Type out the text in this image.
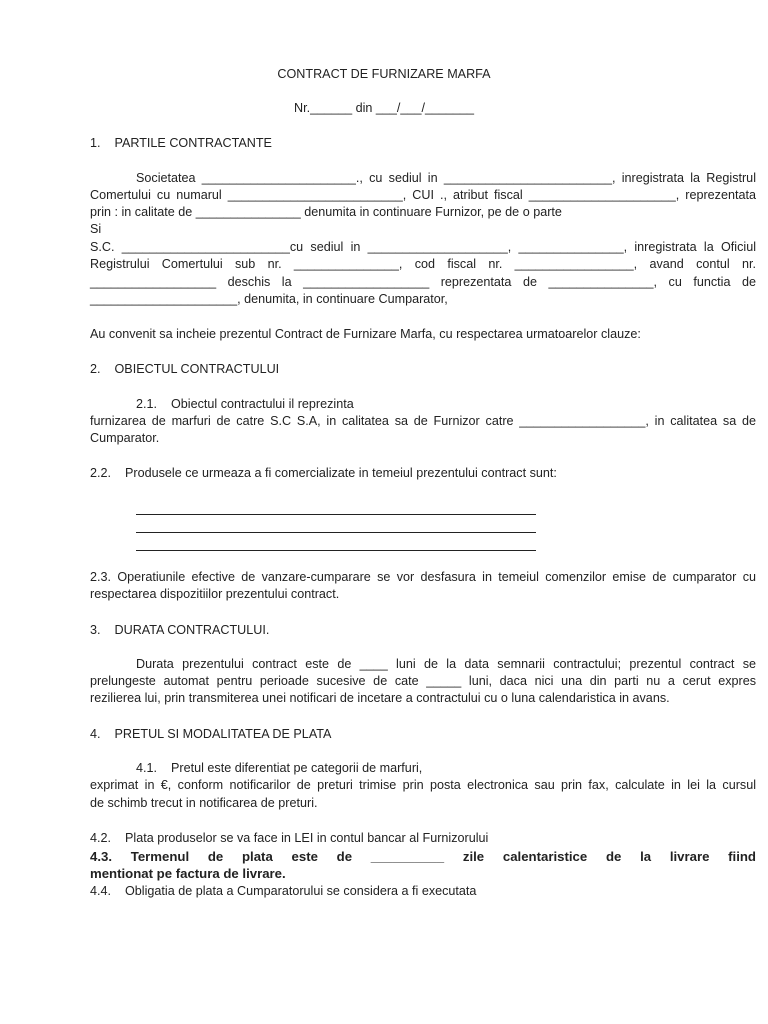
CONTRACT DE FURNIZARE MARFA
Nr.______ din ___/___/_______
1.    PARTILE CONTRACTANTE
Societatea ______________________., cu sediul in ________________________, inregistrata la Registrul
Comertului cu numarul _________________________, CUI ., atribut fiscal _____________________, reprezentata
prin : in calitate de _______________ denumita in continuare Furnizor, pe de o parte
Si
S.C. ________________________cu sediul in ____________________, _______________, inregistrata la Oficiul
Registrului Comertului sub nr. _______________, cod fiscal nr. _________________, avand contul nr.
__________________ deschis la __________________ reprezentata de _______________, cu functia de
_____________________, denumita, in continuare Cumparator,
Au convenit sa incheie prezentul Contract de Furnizare Marfa, cu respectarea urmatoarelor clauze:
2.    OBIECTUL CONTRACTULUI
2.1.    Obiectul contractului il reprezinta
furnizarea de marfuri de catre S.C S.A, in calitatea sa de Furnizor catre __________________, in calitatea sa de
Cumparator.
2.2.    Produsele ce urmeaza a fi comercializate in temeiul prezentului contract sunt:
2.3. Operatiunile efective de vanzare-cumparare se vor desfasura in temeiul comenzilor emise de cumparator cu
respectarea dispozitiilor prezentului contract.
3.    DURATA CONTRACTULUI.
Durata prezentului contract este de ____ luni de la data semnarii contractului; prezentul contract se
prelungeste automat pentru perioade sucesive de cate _____ luni, daca nici una din parti nu a cerut expres
rezilierea lui, prin transmiterea unei notificari de incetare a contractului cu o luna calendaristica in avans.
4.    PRETUL SI MODALITATEA DE PLATA
4.1.    Pretul este diferentiat pe categorii de marfuri,
exprimat in €, conform notificarilor de preturi trimise prin posta electronica sau prin fax, calculate in lei la cursul
de schimb trecut in notificarea de preturi.
4.2.    Plata produselor se va face in LEI in contul bancar al Furnizorului
4.3. Termenul de plata este de __________ zile calentaristice de la livrare fiind
mentionat pe factura de livrare.
4.4.    Obligatia de plata a Cumparatorului se considera a fi executata
